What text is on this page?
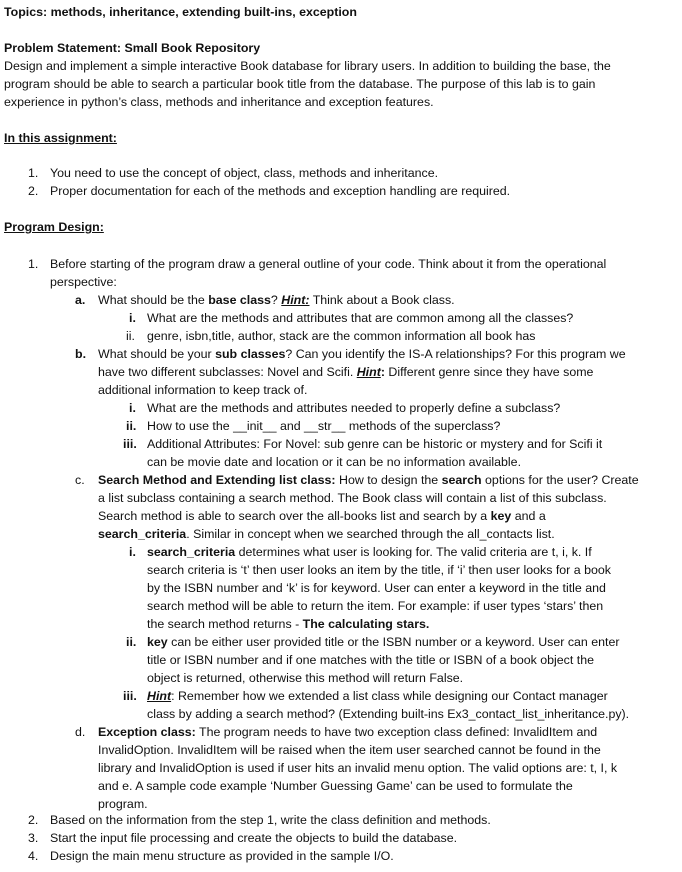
Topics: methods, inheritance, extending built-ins, exception
Problem Statement: Small Book Repository
Design and implement a simple interactive Book database for library users. In addition to building the base, the
program should be able to search a particular book title from the database. The purpose of this lab is to gain
experience in python’s class, methods and inheritance and exception features.
In this assignment:
1. You need to use the concept of object, class, methods and inheritance.
2. Proper documentation for each of the methods and exception handling are required.
Program Design:
1. Before starting of the program draw a general outline of your code. Think about it from the operational
perspective:
a. What should be the base class? Hint: Think about a Book class.
i. What are the methods and attributes that are common among all the classes?
ii. genre, isbn,title, author, stack are the common information all book has
b. What should be your sub classes? Can you identify the IS-A relationships? For this program we
have two different subclasses: Novel and Scifi. Hint: Different genre since they have some
additional information to keep track of.
i. What are the methods and attributes needed to properly define a subclass?
ii. How to use the __init__ and __str__ methods of the superclass?
iii. Additional Attributes: For Novel: sub genre can be historic or mystery and for Scifi it
can be movie date and location or it can be no information available.
c. Search Method and Extending list class: How to design the search options for the user? Create
a list subclass containing a search method. The Book class will contain a list of this subclass.
Search method is able to search over the all-books list and search by a key and a
search_criteria. Similar in concept when we searched through the all_contacts list.
i. search_criteria determines what user is looking for. The valid criteria are t, i, k. If
search criteria is ‘t’ then user looks an item by the title, if ‘i’ then user looks for a book
by the ISBN number and ‘k’ is for keyword. User can enter a keyword in the title and
search method will be able to return the item. For example: if user types ‘stars’ then
the search method returns - The calculating stars.
ii. key can be either user provided title or the ISBN number or a keyword. User can enter
title or ISBN number and if one matches with the title or ISBN of a book object the
object is returned, otherwise this method will return False.
iii. Hint: Remember how we extended a list class while designing our Contact manager
class by adding a search method? (Extending built-ins Ex3_contact_list_inheritance.py).
d. Exception class: The program needs to have two exception class defined: InvalidItem and
InvalidOption. InvalidItem will be raised when the item user searched cannot be found in the
library and InvalidOption is used if user hits an invalid menu option. The valid options are: t, I, k
and e. A sample code example ‘Number Guessing Game’ can be used to formulate the
program.
2. Based on the information from the step 1, write the class definition and methods.
3. Start the input file processing and create the objects to build the database.
4. Design the main menu structure as provided in the sample I/O.
